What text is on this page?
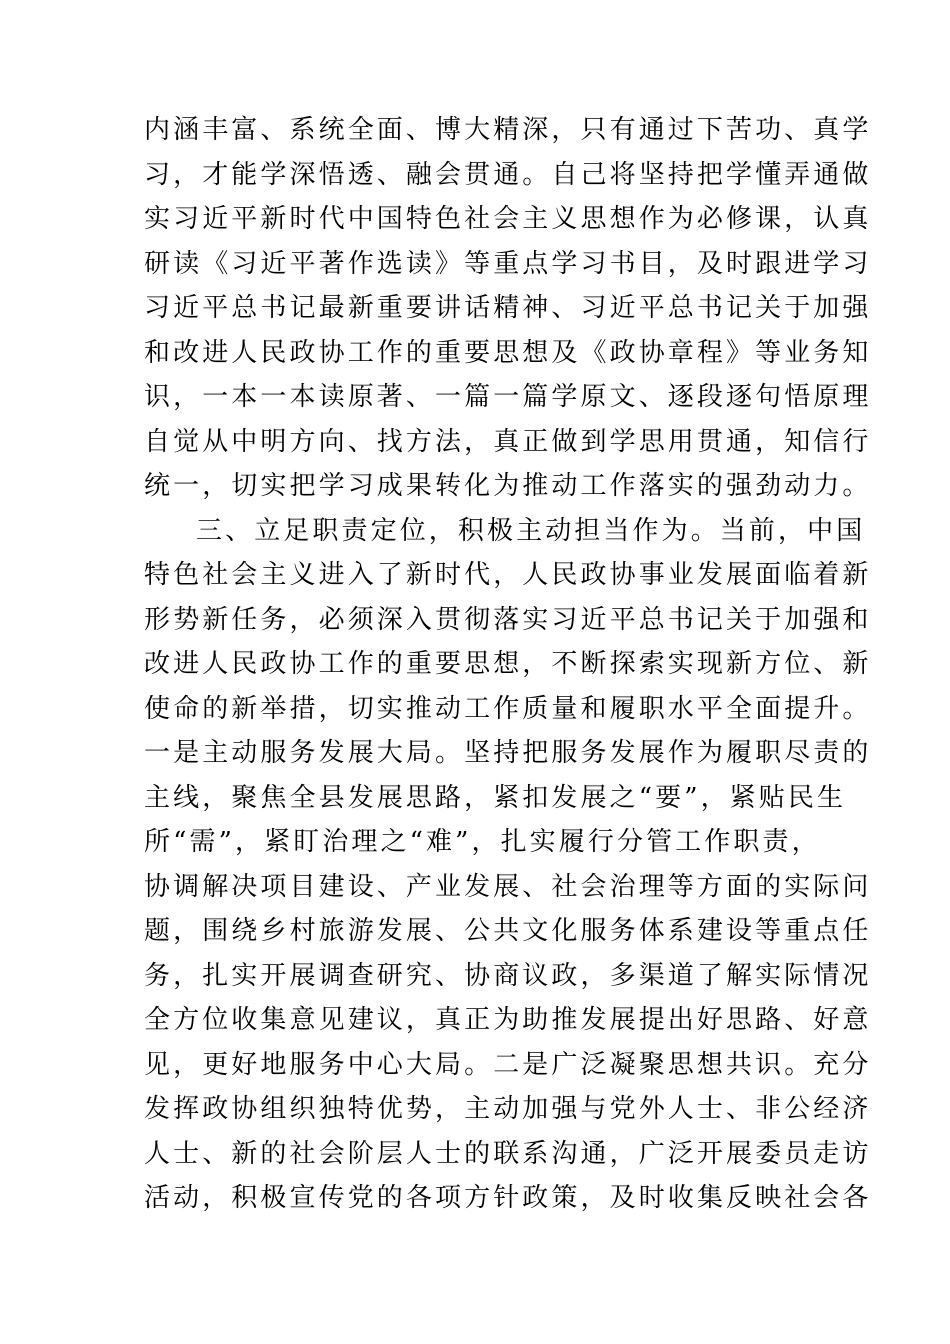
内涵丰富、系统全面、博大精深，只有通过下苦功、真学
习，才能学深悟透、融会贯通。自己将坚持把学懂弄通做
实习近平新时代中国特色社会主义思想作为必修课，认真
研读《习近平著作选读》等重点学习书目，及时跟进学习
习近平总书记最新重要讲话精神、习近平总书记关于加强
和改进人民政协工作的重要思想及《政协章程》等业务知
识，一本一本读原著、一篇一篇学原文、逐段逐句悟原理
自觉从中明方向、找方法，真正做到学思用贯通，知信行
统一，切实把学习成果转化为推动工作落实的强劲动力。
三、立足职责定位，积极主动担当作为。当前，中国
特色社会主义进入了新时代，人民政协事业发展面临着新
形势新任务，必须深入贯彻落实习近平总书记关于加强和
改进人民政协工作的重要思想，不断探索实现新方位、新
使命的新举措，切实推动工作质量和履职水平全面提升。
一是主动服务发展大局。坚持把服务发展作为履职尽责的
主线，聚焦全县发展思路，紧扣发展之“要”，紧贴民生
所“需”，紧盯治理之“难”，扎实履行分管工作职责，
协调解决项目建设、产业发展、社会治理等方面的实际问
题，围绕乡村旅游发展、公共文化服务体系建设等重点任
务，扎实开展调查研究、协商议政，多渠道了解实际情况
全方位收集意见建议，真正为助推发展提出好思路、好意
见，更好地服务中心大局。二是广泛凝聚思想共识。充分
发挥政协组织独特优势，主动加强与党外人士、非公经济
人士、新的社会阶层人士的联系沟通，广泛开展委员走访
活动，积极宣传党的各项方针政策，及时收集反映社会各
